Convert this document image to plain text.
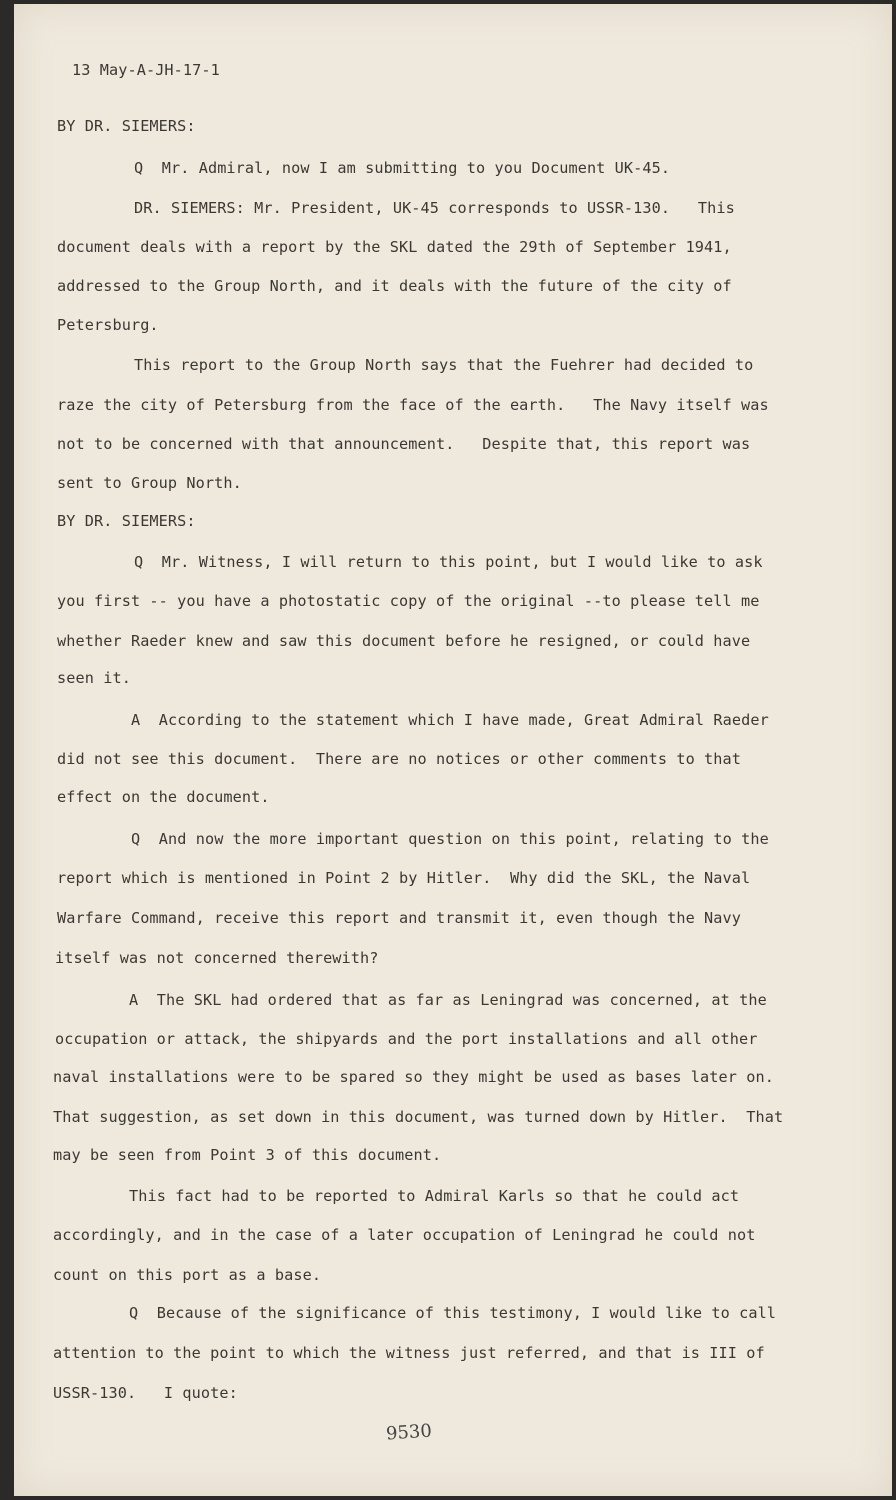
13 May-A-JH-17-1
BY DR. SIEMERS:
Q  Mr. Admiral, now I am submitting to you Document UK-45.
DR. SIEMERS: Mr. President, UK-45 corresponds to USSR-130.   This
document deals with a report by the SKL dated the 29th of September 1941,
addressed to the Group North, and it deals with the future of the city of
Petersburg.
This report to the Group North says that the Fuehrer had decided to
raze the city of Petersburg from the face of the earth.   The Navy itself was
not to be concerned with that announcement.   Despite that, this report was
sent to Group North.
BY DR. SIEMERS:
Q  Mr. Witness, I will return to this point, but I would like to ask
you first -- you have a photostatic copy of the original --to please tell me
whether Raeder knew and saw this document before he resigned, or could have
seen it.
A  According to the statement which I have made, Great Admiral Raeder
did not see this document.  There are no notices or other comments to that
effect on the document.
Q  And now the more important question on this point, relating to the
report which is mentioned in Point 2 by Hitler.  Why did the SKL, the Naval
Warfare Command, receive this report and transmit it, even though the Navy
itself was not concerned therewith?
A  The SKL had ordered that as far as Leningrad was concerned, at the
occupation or attack, the shipyards and the port installations and all other
naval installations were to be spared so they might be used as bases later on.
That suggestion, as set down in this document, was turned down by Hitler.  That
may be seen from Point 3 of this document.
This fact had to be reported to Admiral Karls so that he could act
accordingly, and in the case of a later occupation of Leningrad he could not
count on this port as a base.
Q  Because of the significance of this testimony, I would like to call
attention to the point to which the witness just referred, and that is III of
USSR-130.   I quote:
9530
